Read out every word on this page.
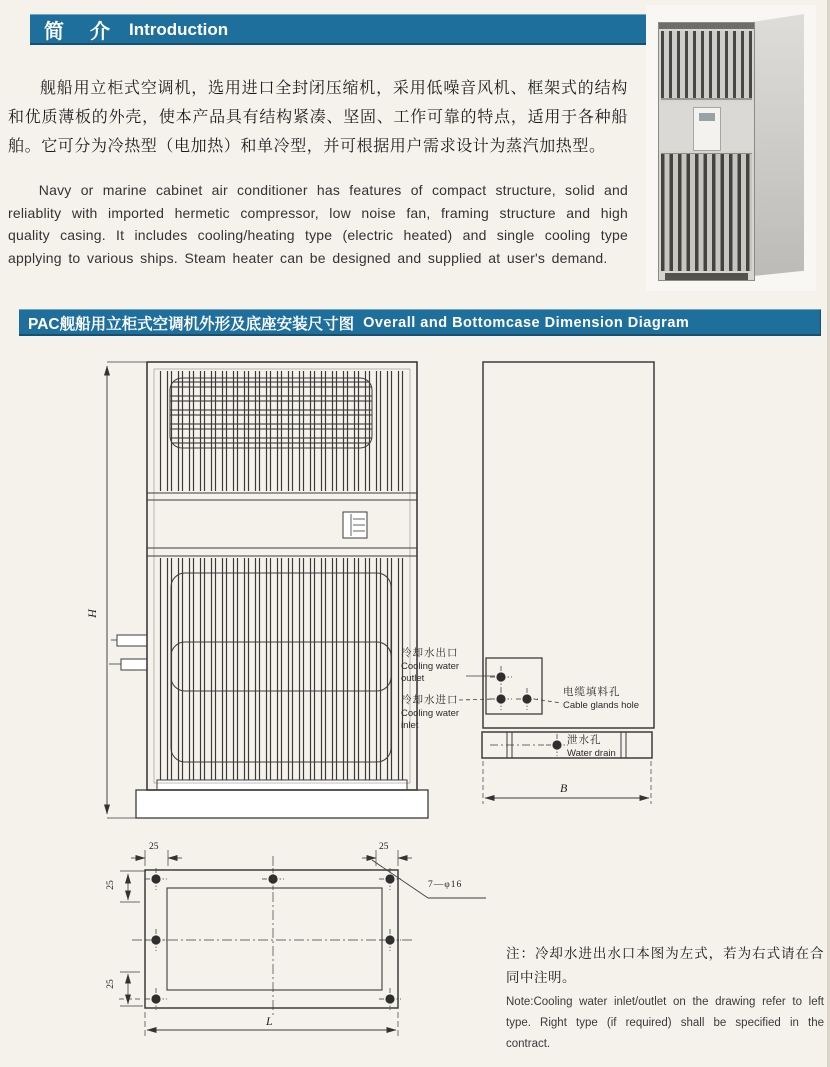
简　介 Introduction

舰船用立柜式空调机，选用进口全封闭压缩机，采用低噪音风机、框架式的结构和优质薄板的外壳，使本产品具有结构紧凑、坚固、工作可靠的特点，适用于各种船舶。它可分为冷热型（电加热）和单冷型，并可根据用户需求设计为蒸汽加热型。

Navy or marine cabinet air conditioner has features of compact structure, solid and reliablity with imported hermetic compressor, low noise fan, framing structure and high quality casing. It includes cooling/heating type (electric heated) and single cooling type applying to various ships. Steam heater can be designed and supplied at user's demand.

PAC舰船用立柜式空调机外形及底座安装尺寸图 Overall and Bottomcase Dimension Diagram
冷却水出口
Cooling water
outlet
冷却水进口
Cooling water
inlet
电缆填料孔
Cable glands hole
泄水孔
Water drain
H
B
L
25	25
25
25
7—φ16
注：冷却水进出水口本图为左式，若为右式请在合同中注明。
Note:Cooling water inlet/outlet on the drawing refer to left type. Right type (if required) shall be specified in the contract.
